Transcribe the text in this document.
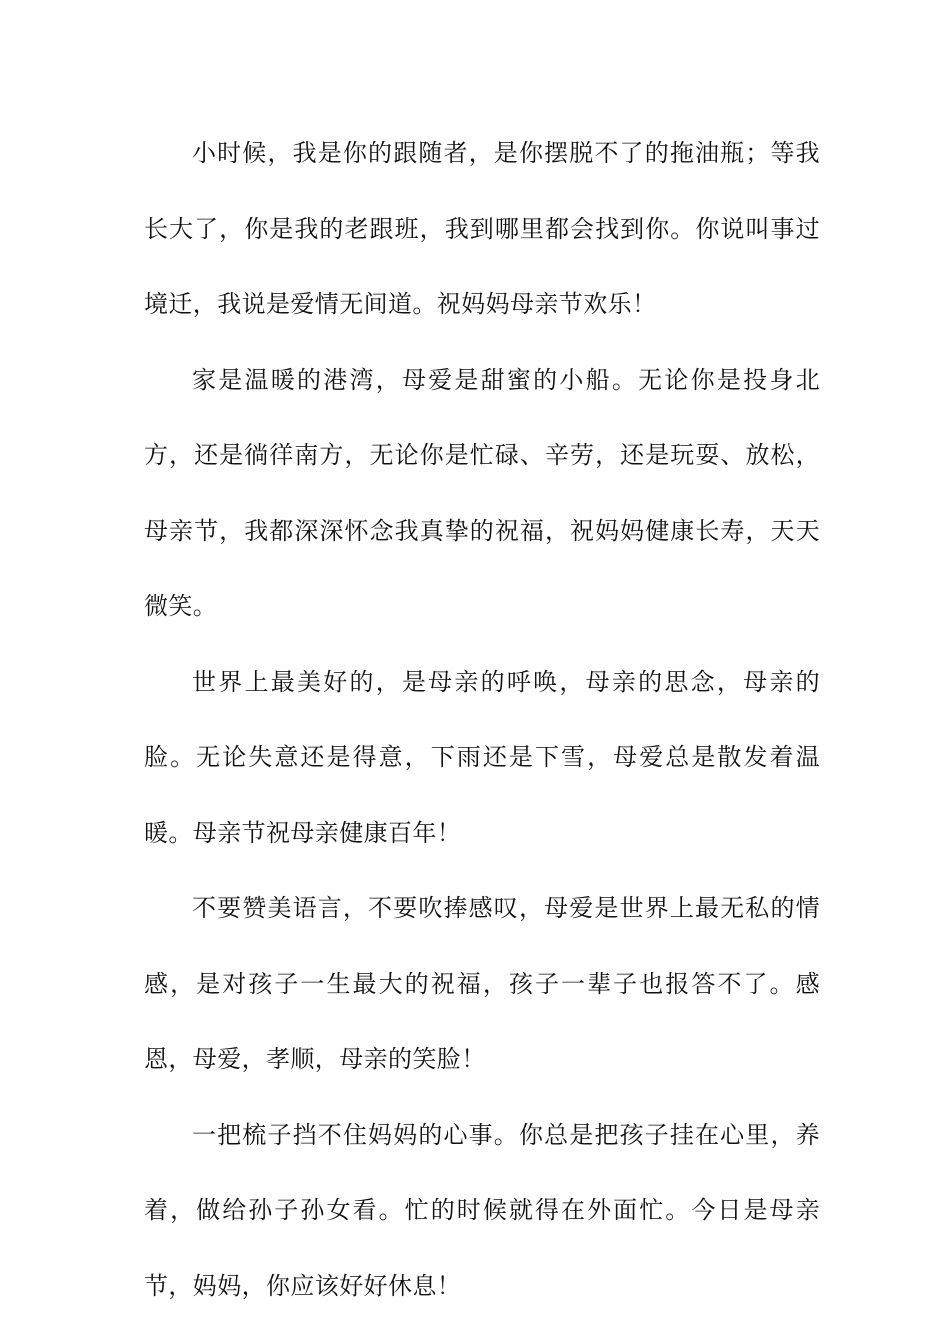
小时候，我是你的跟随者，是你摆脱不了的拖油瓶；等我长大了，你是我的老跟班，我到哪里都会找到你。你说叫事过境迁，我说是爱情无间道。祝妈妈母亲节欢乐！

家是温暖的港湾，母爱是甜蜜的小船。无论你是投身北方，还是徜徉南方，无论你是忙碌、辛劳，还是玩耍、放松，母亲节，我都深深怀念我真挚的祝福，祝妈妈健康长寿，天天微笑。

世界上最美好的，是母亲的呼唤，母亲的思念，母亲的脸。无论失意还是得意，下雨还是下雪，母爱总是散发着温暖。母亲节祝母亲健康百年！

不要赞美语言，不要吹捧感叹，母爱是世界上最无私的情感，是对孩子一生最大的祝福，孩子一辈子也报答不了。感恩，母爱，孝顺，母亲的笑脸！

一把梳子挡不住妈妈的心事。你总是把孩子挂在心里，养着，做给孙子孙女看。忙的时候就得在外面忙。今日是母亲节，妈妈，你应该好好休息！
